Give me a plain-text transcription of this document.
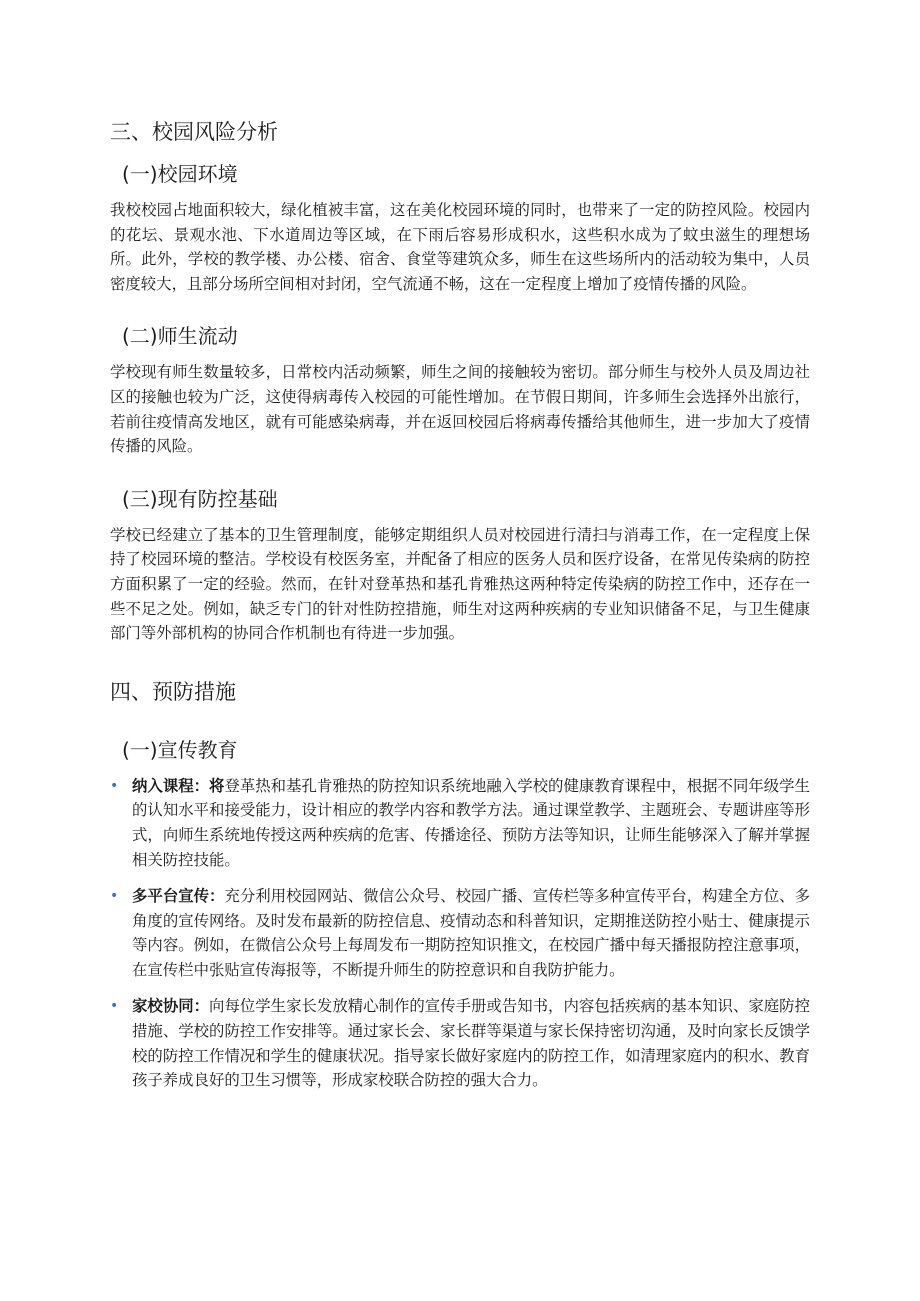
三、校园风险分析
(一)校园环境

我校校园占地面积较大，绿化植被丰富，这在美化校园环境的同时，也带来了一定的防控风险。校园内的花坛、景观水池、下水道周边等区域，在下雨后容易形成积水，这些积水成为了蚊虫滋生的理想场所。此外，学校的教学楼、办公楼、宿舍、食堂等建筑众多，师生在这些场所内的活动较为集中，人员密度较大，且部分场所空间相对封闭，空气流通不畅，这在一定程度上增加了疫情传播的风险。

(二)师生流动

学校现有师生数量较多，日常校内活动频繁，师生之间的接触较为密切。部分师生与校外人员及周边社区的接触也较为广泛，这使得病毒传入校园的可能性增加。在节假日期间，许多师生会选择外出旅行，若前往疫情高发地区，就有可能感染病毒，并在返回校园后将病毒传播给其他师生，进一步加大了疫情传播的风险。

(三)现有防控基础

学校已经建立了基本的卫生管理制度，能够定期组织人员对校园进行清扫与消毒工作，在一定程度上保持了校园环境的整洁。学校设有校医务室，并配备了相应的医务人员和医疗设备，在常见传染病的防控方面积累了一定的经验。然而，在针对登革热和基孔肯雅热这两种特定传染病的防控工作中，还存在一些不足之处。例如，缺乏专门的针对性防控措施，师生对这两种疾病的专业知识储备不足，与卫生健康部门等外部机构的协同合作机制也有待进一步加强。

四、预防措施
(一)宣传教育
• 纳入课程：将登革热和基孔肯雅热的防控知识系统地融入学校的健康教育课程中，根据不同年级学生的认知水平和接受能力，设计相应的教学内容和教学方法。通过课堂教学、主题班会、专题讲座等形式，向师生系统地传授这两种疾病的危害、传播途径、预防方法等知识，让师生能够深入了解并掌握相关防控技能。
• 多平台宣传：充分利用校园网站、微信公众号、校园广播、宣传栏等多种宣传平台，构建全方位、多角度的宣传网络。及时发布最新的防控信息、疫情动态和科普知识，定期推送防控小贴士、健康提示等内容。例如，在微信公众号上每周发布一期防控知识推文，在校园广播中每天播报防控注意事项，在宣传栏中张贴宣传海报等，不断提升师生的防控意识和自我防护能力。
• 家校协同：向每位学生家长发放精心制作的宣传手册或告知书，内容包括疾病的基本知识、家庭防控措施、学校的防控工作安排等。通过家长会、家长群等渠道与家长保持密切沟通，及时向家长反馈学校的防控工作情况和学生的健康状况。指导家长做好家庭内的防控工作，如清理家庭内的积水、教育孩子养成良好的卫生习惯等，形成家校联合防控的强大合力。
